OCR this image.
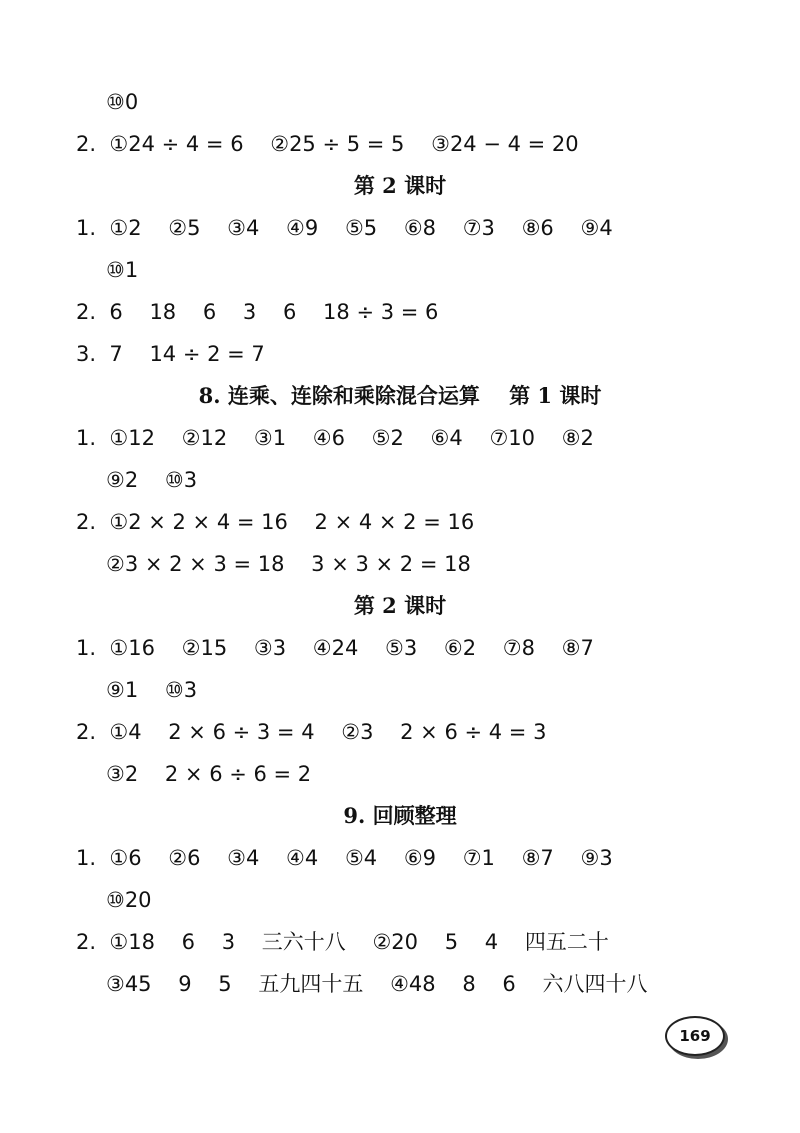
⑩0
2.  ①24 ÷ 4 = 6    ②25 ÷ 5 = 5    ③24 − 4 = 20
第 2 课时
1.  ①2    ②5    ③4    ④9    ⑤5    ⑥8    ⑦3    ⑧6    ⑨4
⑩1
2.  6    18    6    3    6    18 ÷ 3 = 6
3.  7    14 ÷ 2 = 7
8. 连乘、连除和乘除混合运算    第 1 课时
1.  ①12    ②12    ③1    ④6    ⑤2    ⑥4    ⑦10    ⑧2
⑨2    ⑩3
2.  ①2 × 2 × 4 = 16    2 × 4 × 2 = 16
②3 × 2 × 3 = 18    3 × 3 × 2 = 18
第 2 课时
1.  ①16    ②15    ③3    ④24    ⑤3    ⑥2    ⑦8    ⑧7
⑨1    ⑩3
2.  ①4    2 × 6 ÷ 3 = 4    ②3    2 × 6 ÷ 4 = 3
③2    2 × 6 ÷ 6 = 2
9. 回顾整理
1.  ①6    ②6    ③4    ④4    ⑤4    ⑥9    ⑦1    ⑧7    ⑨3
⑩20
2.  ①18    6    3    三六十八    ②20    5    4    四五二十
③45    9    5    五九四十五    ④48    8    6    六八四十八
169
